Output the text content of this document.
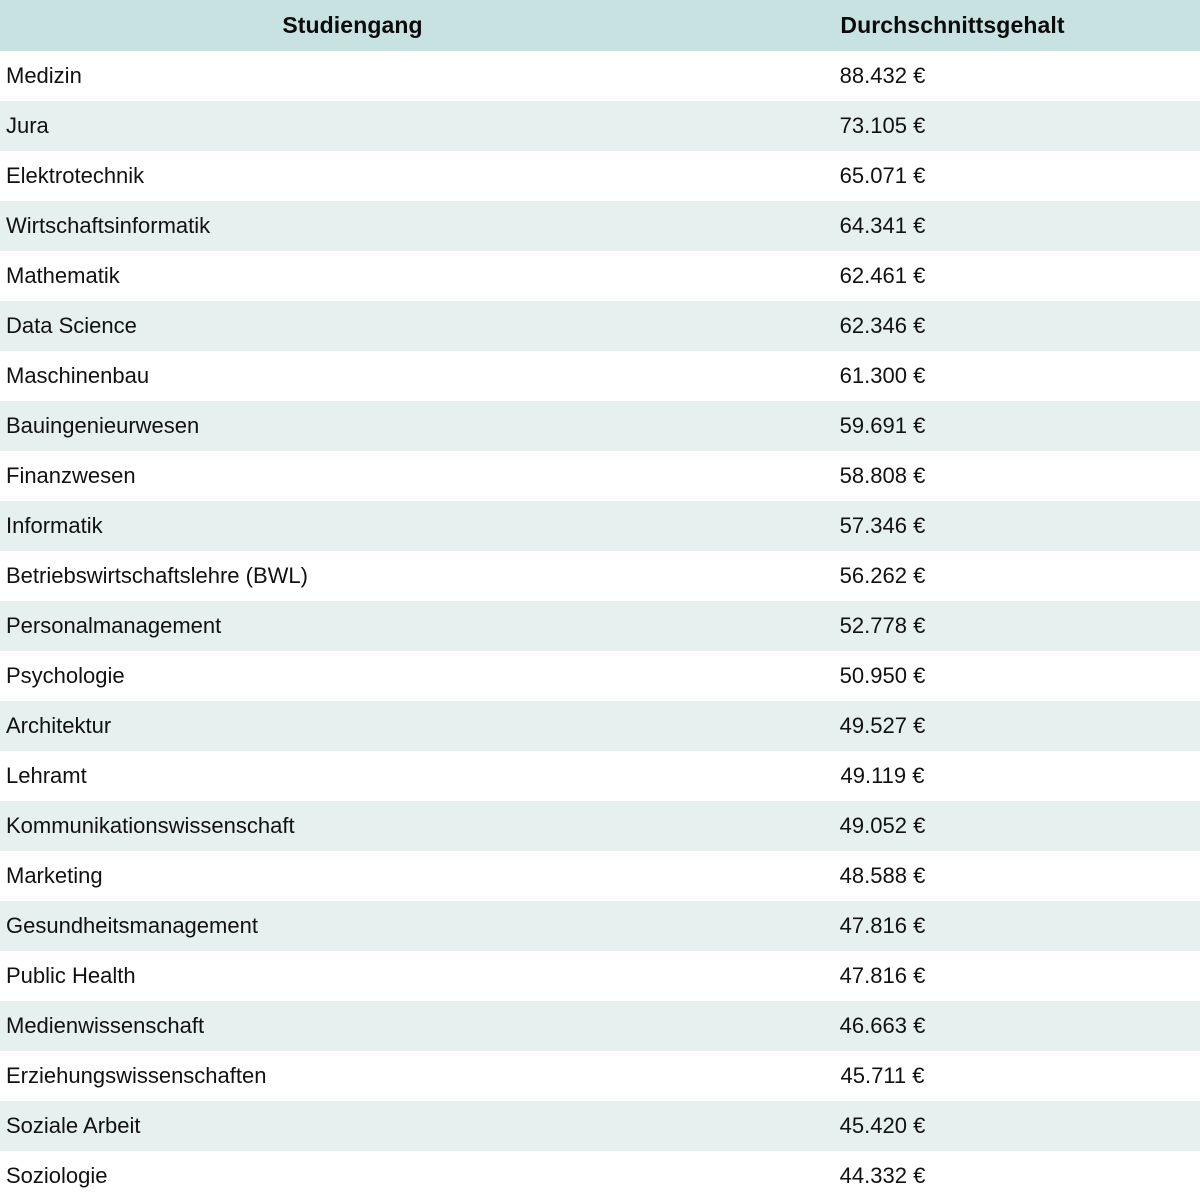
Studiengang	Durchschnittsgehalt
Medizin	88.432 €
Jura	73.105 €
Elektrotechnik	65.071 €
Wirtschaftsinformatik	64.341 €
Mathematik	62.461 €
Data Science	62.346 €
Maschinenbau	61.300 €
Bauingenieurwesen	59.691 €
Finanzwesen	58.808 €
Informatik	57.346 €
Betriebswirtschaftslehre (BWL)	56.262 €
Personalmanagement	52.778 €
Psychologie	50.950 €
Architektur	49.527 €
Lehramt	49.119 €
Kommunikationswissenschaft	49.052 €
Marketing	48.588 €
Gesundheitsmanagement	47.816 €
Public Health	47.816 €
Medienwissenschaft	46.663 €
Erziehungswissenschaften	45.711 €
Soziale Arbeit	45.420 €
Soziologie	44.332 €
